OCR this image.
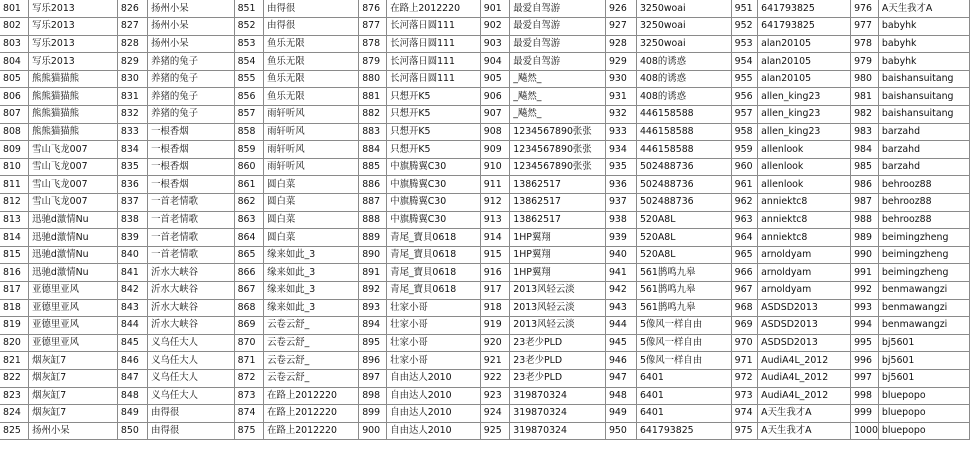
801	写乐2013	826	扬州小呆	851	由得很	876	在路上2012220	901	最爱自驾游	926	3250woai	951	641793825	976	A天生我才A
802	写乐2013	827	扬州小呆	852	由得很	877	长河落日圆111	902	最爱自驾游	927	3250woai	952	641793825	977	babyhk
803	写乐2013	828	扬州小呆	853	鱼乐无限	878	长河落日圆111	903	最爱自驾游	928	3250woai	953	alan20105	978	babyhk
804	写乐2013	829	养猪的兔子	854	鱼乐无限	879	长河落日圆111	904	最爱自驾游	929	408的诱惑	954	alan20105	979	babyhk
805	熊熊猫猫熊	830	养猪的兔子	855	鱼乐无限	880	长河落日圆111	905	_飚然_	930	408的诱惑	955	alan20105	980	baishansuitang
806	熊熊猫猫熊	831	养猪的兔子	856	鱼乐无限	881	只想开K5	906	_飚然_	931	408的诱惑	956	allen_king23	981	baishansuitang
807	熊熊猫猫熊	832	养猪的兔子	857	雨轩听风	882	只想开K5	907	_飚然_	932	446158588	957	allen_king23	982	baishansuitang
808	熊熊猫猫熊	833	一根香烟	858	雨轩听风	883	只想开K5	908	1234567890张张	933	446158588	958	allen_king23	983	barzahd
809	雪山飞龙007	834	一根香烟	859	雨轩听风	884	只想开K5	909	1234567890张张	934	446158588	959	allenlook	984	barzahd
810	雪山飞龙007	835	一根香烟	860	雨轩听风	885	中旗腾翼C30	910	1234567890张张	935	502488736	960	allenlook	985	barzahd
811	雪山飞龙007	836	一根香烟	861	圆白菜	886	中旗腾翼C30	911	13862517	936	502488736	961	allenlook	986	behrooz88
812	雪山飞龙007	837	一首老情歌	862	圆白菜	887	中旗腾翼C30	912	13862517	937	502488736	962	anniektc8	987	behrooz88
813	迅驰d激情Nu	838	一首老情歌	863	圆白菜	888	中旗腾翼C30	913	13862517	938	520A8L	963	anniektc8	988	behrooz88
814	迅驰d激情Nu	839	一首老情歌	864	圆白菜	889	青尾_寶貝0618	914	1HP翼翔	939	520A8L	964	anniektc8	989	beimingzheng
815	迅驰d激情Nu	840	一首老情歌	865	缘来如此_3	890	青尾_寶貝0618	915	1HP翼翔	940	520A8L	965	arnoldyam	990	beimingzheng
816	迅驰d激情Nu	841	沂水大峡谷	866	缘来如此_3	891	青尾_寶貝0618	916	1HP翼翔	941	561鹊鸣九皋	966	arnoldyam	991	beimingzheng
817	亚德里亚风	842	沂水大峡谷	867	缘来如此_3	892	青尾_寶貝0618	917	2013风轻云淡	942	561鹊鸣九皋	967	arnoldyam	992	benmawangzi
818	亚德里亚风	843	沂水大峡谷	868	缘来如此_3	893	壮家小哥	918	2013风轻云淡	943	561鹊鸣九皋	968	ASDSD2013	993	benmawangzi
819	亚德里亚风	844	沂水大峡谷	869	云卷云舒_	894	壮家小哥	919	2013风轻云淡	944	5像风一样自由	969	ASDSD2013	994	benmawangzi
820	亚德里亚风	845	义乌任大人	870	云卷云舒_	895	壮家小哥	920	23老少PLD	945	5像风一样自由	970	ASDSD2013	995	bj5601
821	烟灰缸7	846	义乌任大人	871	云卷云舒_	896	壮家小哥	921	23老少PLD	946	5像风一样自由	971	AudiA4L_2012	996	bj5601
822	烟灰缸7	847	义乌任大人	872	云卷云舒_	897	自由达人2010	922	23老少PLD	947	6401	972	AudiA4L_2012	997	bj5601
823	烟灰缸7	848	义乌任大人	873	在路上2012220	898	自由达人2010	923	319870324	948	6401	973	AudiA4L_2012	998	bluepopo
824	烟灰缸7	849	由得很	874	在路上2012220	899	自由达人2010	924	319870324	949	6401	974	A天生我才A	999	bluepopo
825	扬州小呆	850	由得很	875	在路上2012220	900	自由达人2010	925	319870324	950	641793825	975	A天生我才A	1000	bluepopo
